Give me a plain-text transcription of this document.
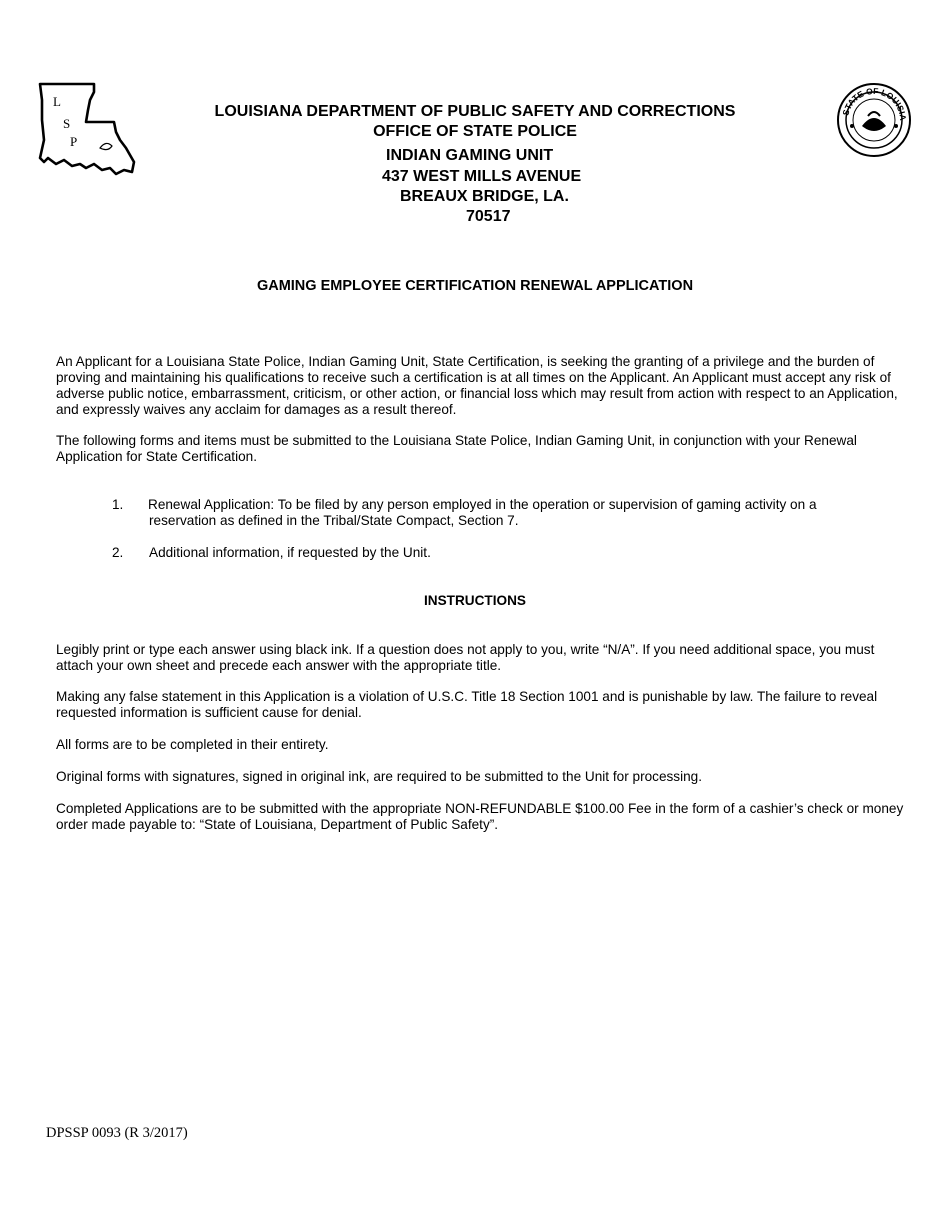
L
S
P
STATE OF LOUISIA
LOUISIANA DEPARTMENT OF PUBLIC SAFETY AND CORRECTIONS
OFFICE OF STATE POLICE
INDIAN GAMING UNIT
437 WEST MILLS AVENUE
BREAUX BRIDGE, LA.
70517
GAMING EMPLOYEE CERTIFICATION RENEWAL APPLICATION
An Applicant for a Louisiana State Police, Indian Gaming Unit, State Certification, is seeking the granting of a privilege and the burden of proving and maintaining his qualifications to receive such a certification is at all times on the Applicant. An Applicant must accept any risk of adverse public notice, embarrassment, criticism, or other action, or financial loss which may result from action with respect to an Application, and expressly waives any acclaim for damages as a result thereof.
The following forms and items must be submitted to the Louisiana State Police, Indian Gaming Unit, in conjunction with your Renewal Application for State Certification.
1. Renewal Application: To be filed by any person employed in the operation or supervision of gaming activity on a
reservation as defined in the Tribal/State Compact, Section 7.
2. Additional information, if requested by the Unit.
INSTRUCTIONS
Legibly print or type each answer using black ink. If a question does not apply to you, write “N/A”. If you need additional space, you must attach your own sheet and precede each answer with the appropriate title.
Making any false statement in this Application is a violation of U.S.C. Title 18 Section 1001 and is punishable by law. The failure to reveal requested information is sufficient cause for denial.
All forms are to be completed in their entirety.
Original forms with signatures, signed in original ink, are required to be submitted to the Unit for processing.
Completed Applications are to be submitted with the appropriate NON-REFUNDABLE $100.00 Fee in the form of a cashier’s check or money order made payable to: “State of Louisiana, Department of Public Safety”.
DPSSP 0093 (R 3/2017)
